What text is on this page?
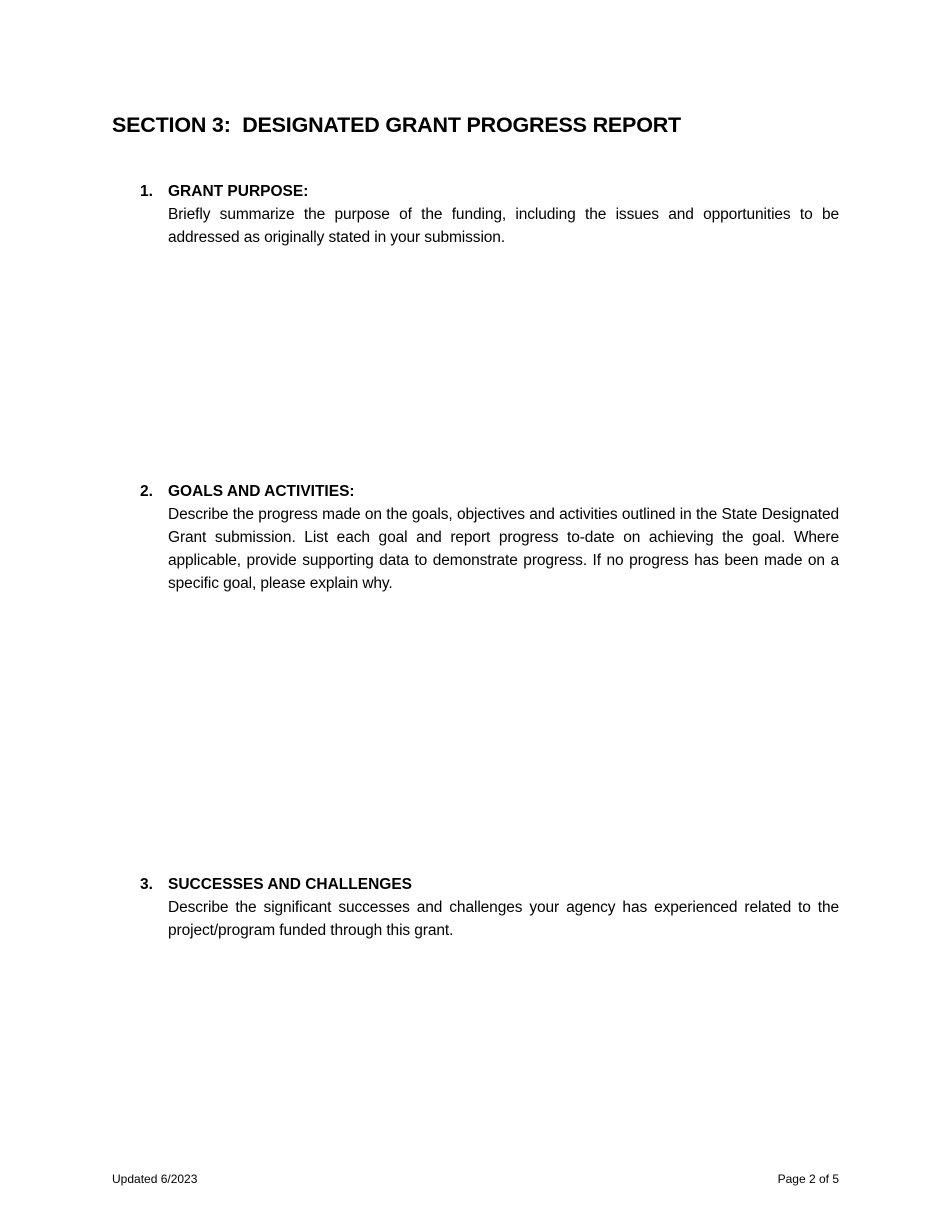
SECTION 3:  DESIGNATED GRANT PROGRESS REPORT
1. GRANT PURPOSE:
Briefly summarize the purpose of the funding, including the issues and opportunities to be addressed as originally stated in your submission.
2. GOALS AND ACTIVITIES:
Describe the progress made on the goals, objectives and activities outlined in the State Designated Grant submission. List each goal and report progress to-date on achieving the goal. Where applicable, provide supporting data to demonstrate progress. If no progress has been made on a specific goal, please explain why.
3. SUCCESSES AND CHALLENGES
Describe the significant successes and challenges your agency has experienced related to the project/program funded through this grant.
Updated 6/2023	Page 2 of 5
